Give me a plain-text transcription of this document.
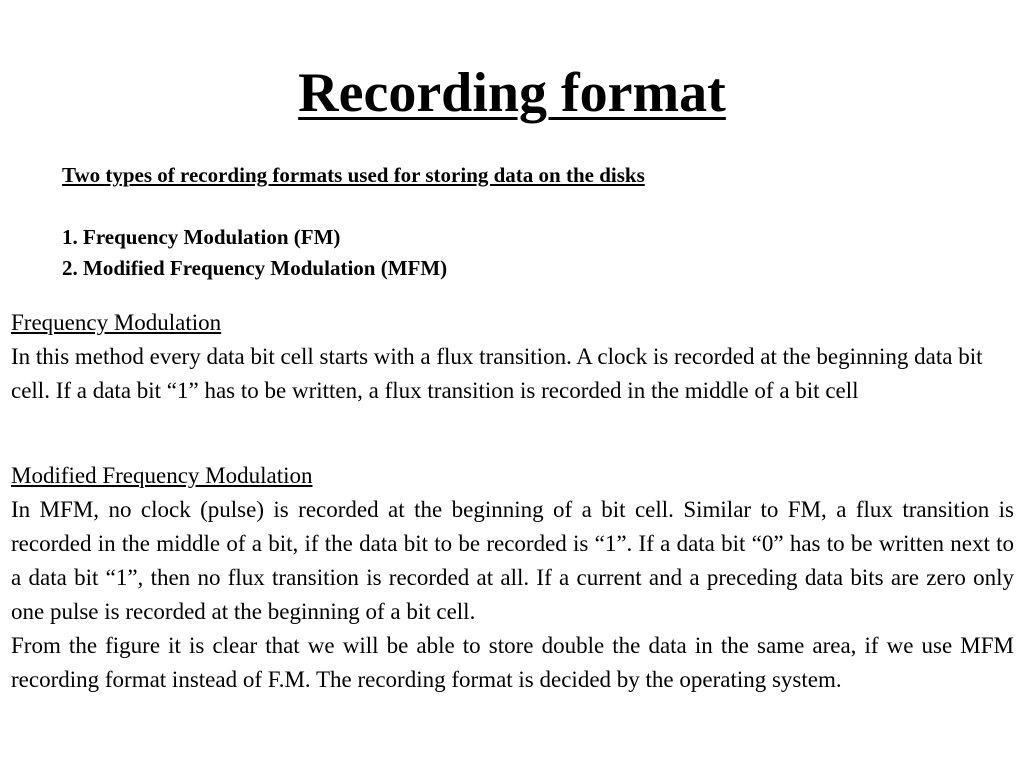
Recording format
Two types of recording formats used for storing data on the disks
1. Frequency Modulation (FM)
2. Modified Frequency Modulation (MFM)
Frequency Modulation

In this method every data bit cell starts with a flux transition. A clock is recorded at the beginning data bit cell. If a data bit “1” has to be written, a flux transition is recorded in the middle of a bit cell

Modified Frequency Modulation

In MFM, no clock (pulse) is recorded at the beginning of a bit cell. Similar to FM, a flux transition is recorded in the middle of a bit, if the data bit to be recorded is “1”. If a data bit “0” has to be written next to a data bit “1”, then no flux transition is recorded at all. If a current and a preceding data bits are zero only one pulse is recorded at the beginning of a bit cell.

From the figure it is clear that we will be able to store double the data in the same area, if we use MFM recording format instead of F.M. The recording format is decided by the operating system.
